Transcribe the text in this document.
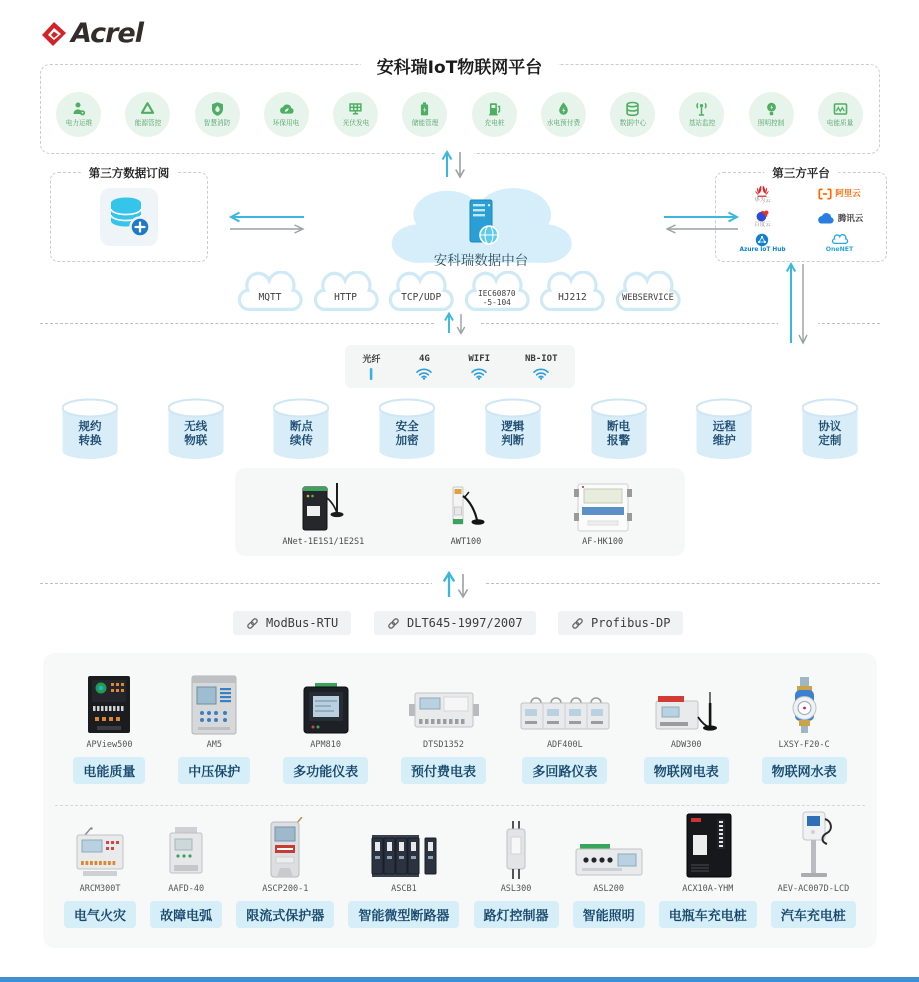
Acrel
安科瑞IoT物联网平台
电力运维	能源管控	智慧消防	环保用电	光伏发电	储能管理	充电桩	水电预付费	数据中心	基站监控	照明控制	电能质量
第三方数据订阅
安科瑞数据中台
第三方平台
华为云
阿里云
百度云
腾讯云
Azure IoT Hub	OneNET
MQTT	HTTP	TCP/UDP	IEC60870
-5-104	HJ212	WEBSERVICE
光纤	4G	WIFI	NB-IOT
规约
转换
无线
物联
断点
续传
安全
加密
逻辑
判断
断电
报警
远程
维护
协议
定制
ANet-1E1S1/1E2S1	AWT100	AF-HK100
ModBus-RTU	DLT645-1997/2007	Profibus-DP
APView500
电能质量
AM5
中压保护
APM810
多功能仪表
DTSD1352
预付费电表
ADF400L
多回路仪表
ADW300
物联网电表
LXSY-F20-C
物联网水表
ARCM300T
电气火灾
AAFD-40
故障电弧
ASCP200-1
限流式保护器
ASCB1
智能微型断路器
ASL300
路灯控制器
ASL200
智能照明
ACX10A-YHM
电瓶车充电桩
AEV-AC007D-LCD
汽车充电桩
